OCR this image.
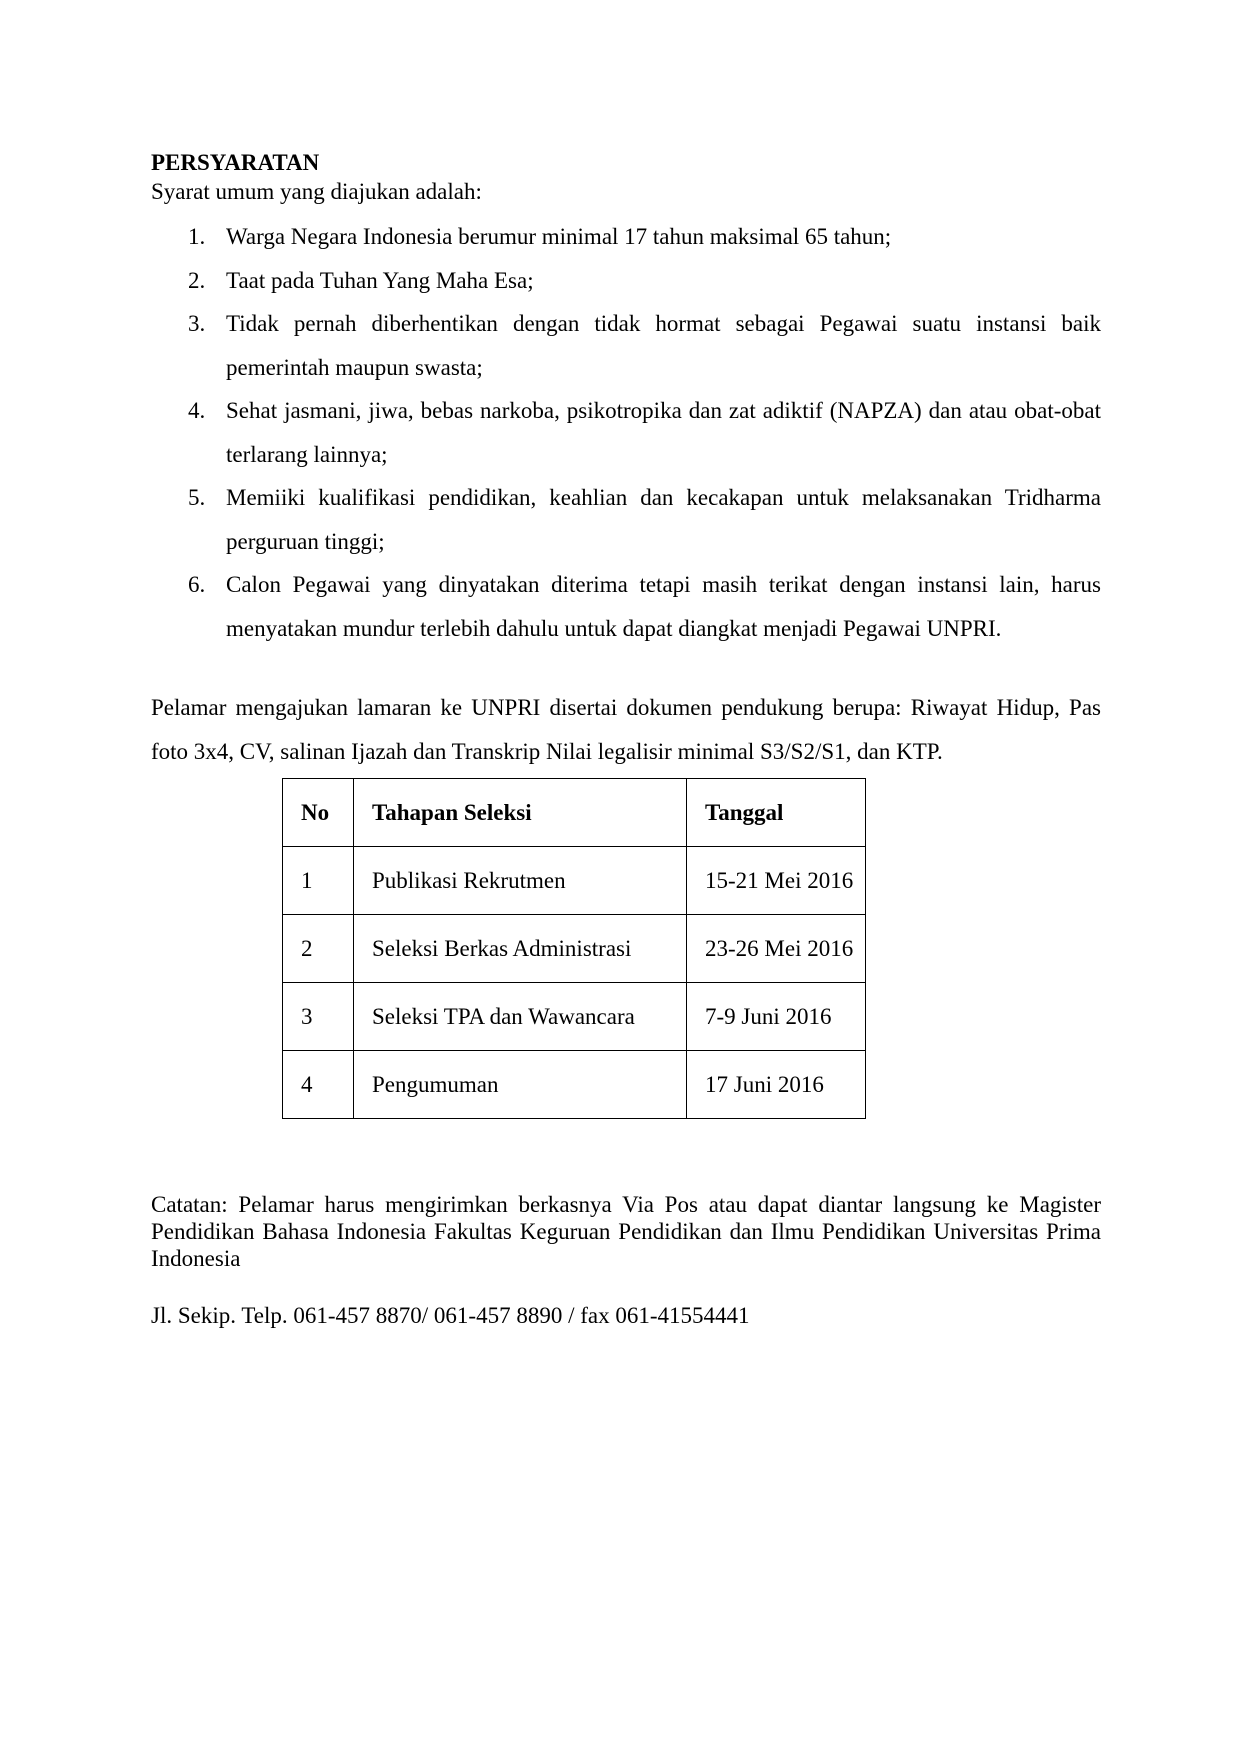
PERSYARATAN

Syarat umum yang diajukan adalah:

1. Warga Negara Indonesia berumur minimal 17 tahun maksimal 65 tahun;
2. Taat pada Tuhan Yang Maha Esa;
3. Tidak pernah diberhentikan dengan tidak hormat sebagai Pegawai suatu instansi baik pemerintah maupun swasta;
4. Sehat jasmani, jiwa, bebas narkoba, psikotropika dan zat adiktif (NAPZA) dan atau obat-obat terlarang lainnya;
5. Memiiki kualifikasi pendidikan, keahlian dan kecakapan untuk melaksanakan Tridharma perguruan tinggi;
6. Calon Pegawai yang dinyatakan diterima tetapi masih terikat dengan instansi lain, harus menyatakan mundur terlebih dahulu untuk dapat diangkat menjadi Pegawai UNPRI.

Pelamar mengajukan lamaran ke UNPRI disertai dokumen pendukung berupa: Riwayat Hidup, Pas foto 3x4, CV, salinan Ijazah dan Transkrip Nilai legalisir minimal S3/S2/S1, dan KTP.

No	Tahapan Seleksi	Tanggal
1	Publikasi Rekrutmen	15-21 Mei 2016
2	Seleksi Berkas Administrasi	23-26 Mei 2016
3	Seleksi TPA dan Wawancara	7-9 Juni 2016
4	Pengumuman	17 Juni 2016

Catatan: Pelamar harus mengirimkan berkasnya Via Pos atau dapat diantar langsung ke Magister Pendidikan Bahasa Indonesia Fakultas Keguruan Pendidikan dan Ilmu Pendidikan Universitas Prima Indonesia

Jl. Sekip. Telp. 061-457 8870/ 061-457 8890 / fax 061-41554441
